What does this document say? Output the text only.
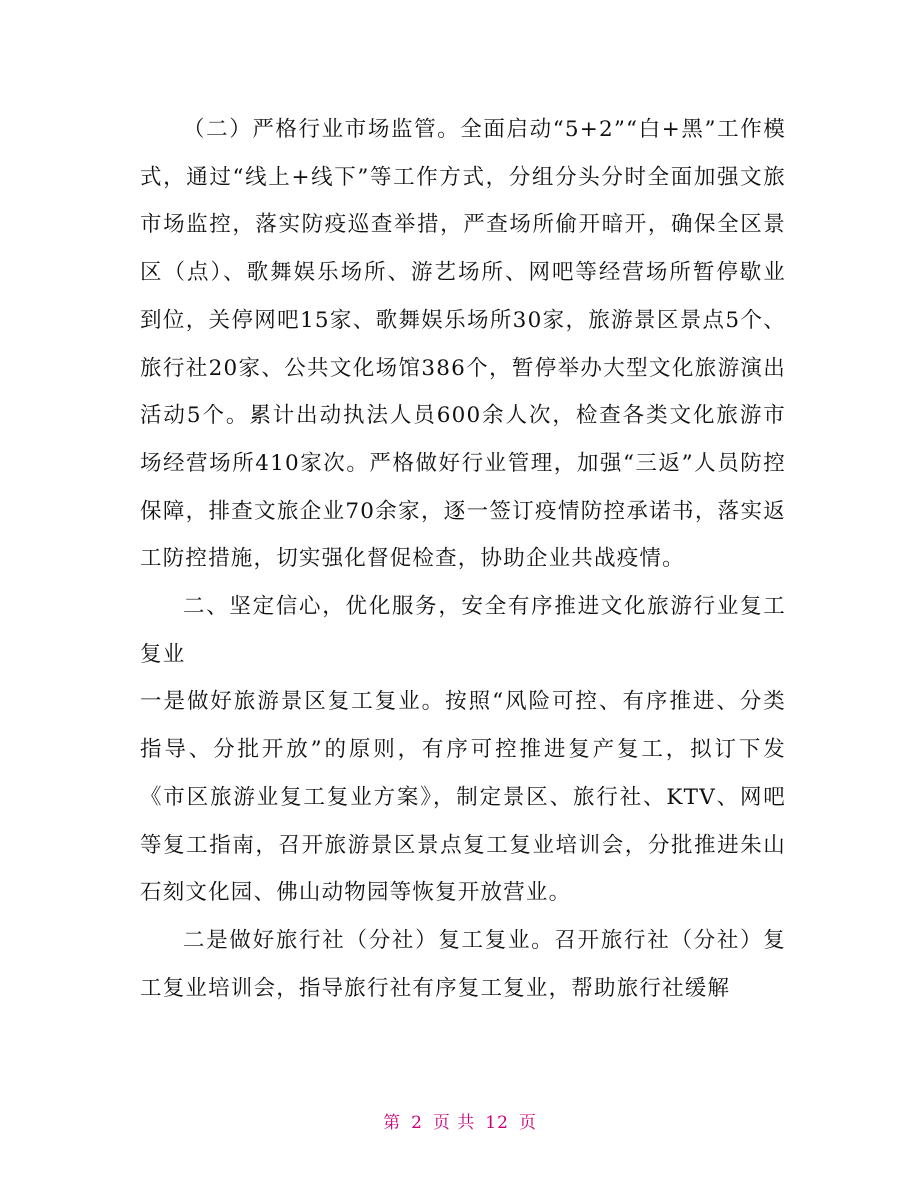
（二）严格行业市场监管。全面启动“5+2”“白+黑”工作模式，通过“线上+线下”等工作方式，分组分头分时全面加强文旅市场监控，落实防疫巡查举措，严查场所偷开暗开，确保全区景区（点）、歌舞娱乐场所、游艺场所、网吧等经营场所暂停歇业到位，关停网吧15家、歌舞娱乐场所30家，旅游景区景点5个、旅行社20家、公共文化场馆386个，暂停举办大型文化旅游演出活动5个。累计出动执法人员600余人次，检查各类文化旅游市场经营场所410家次。严格做好行业管理，加强“三返”人员防控保障，排查文旅企业70余家，逐一签订疫情防控承诺书，落实返工防控措施，切实强化督促检查，协助企业共战疫情。

二、坚定信心，优化服务，安全有序推进文化旅游行业复工复业

一是做好旅游景区复工复业。按照“风险可控、有序推进、分类指导、分批开放”的原则，有序可控推进复产复工，拟订下发《市区旅游业复工复业方案》，制定景区、旅行社、KTV、网吧等复工指南，召开旅游景区景点复工复业培训会，分批推进朱山石刻文化园、佛山动物园等恢复开放营业。

二是做好旅行社（分社）复工复业。召开旅行社（分社）复工复业培训会，指导旅行社有序复工复业，帮助旅行社缓解

第 2 页 共 12 页
